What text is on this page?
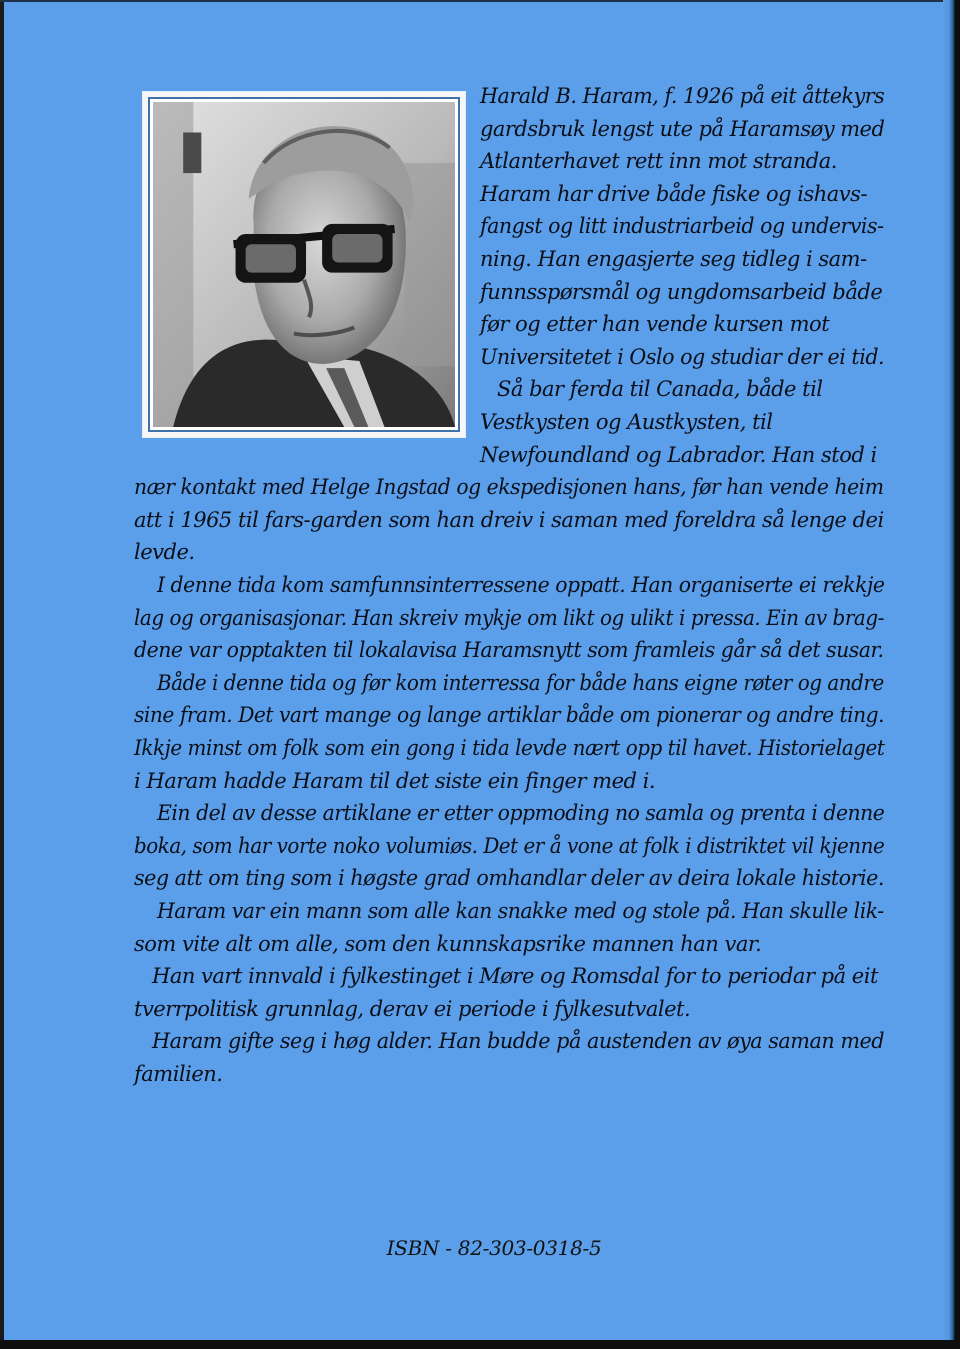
Harald B. Haram, f. 1926 på eit åttekyrs

gardsbruk lengst ute på Haramsøy med

Atlanterhavet rett inn mot stranda.

Haram har drive både fiske og ishavs-

fangst og litt industriarbeid og undervis-

ning. Han engasjerte seg tidleg i sam-

funnsspørsmål og ungdomsarbeid både

før og etter han vende kursen mot

Universitetet i Oslo og studiar der ei tid.

Så bar ferda til Canada, både til

Vestkysten og Austkysten, til

Newfoundland og Labrador. Han stod i

nær kontakt med Helge Ingstad og ekspedisjonen hans, før han vende heim

att i 1965 til fars-garden som han dreiv i saman med foreldra så lenge dei

levde.

I denne tida kom samfunnsinterressene oppatt. Han organiserte ei rekkje

lag og organisasjonar. Han skreiv mykje om likt og ulikt i pressa. Ein av brag-

dene var opptakten til lokalavisa Haramsnytt som framleis går så det susar.

Både i denne tida og før kom interressa for både hans eigne røter og andre

sine fram. Det vart mange og lange artiklar både om pionerar og andre ting.

Ikkje minst om folk som ein gong i tida levde nært opp til havet. Historielaget

i Haram hadde Haram til det siste ein finger med i.

Ein del av desse artiklane er etter oppmoding no samla og prenta i denne

boka, som har vorte noko volumiøs. Det er å vone at folk i distriktet vil kjenne

seg att om ting som i høgste grad omhandlar deler av deira lokale historie.

Haram var ein mann som alle kan snakke med og stole på. Han skulle lik-

som vite alt om alle, som den kunnskapsrike mannen han var.

Han vart innvald i fylkestinget i Møre og Romsdal for to periodar på eit

tverrpolitisk grunnlag, derav ei periode i fylkesutvalet.

Haram gifte seg i høg alder. Han budde på austenden av øya saman med

familien.

ISBN - 82-303-0318-5
